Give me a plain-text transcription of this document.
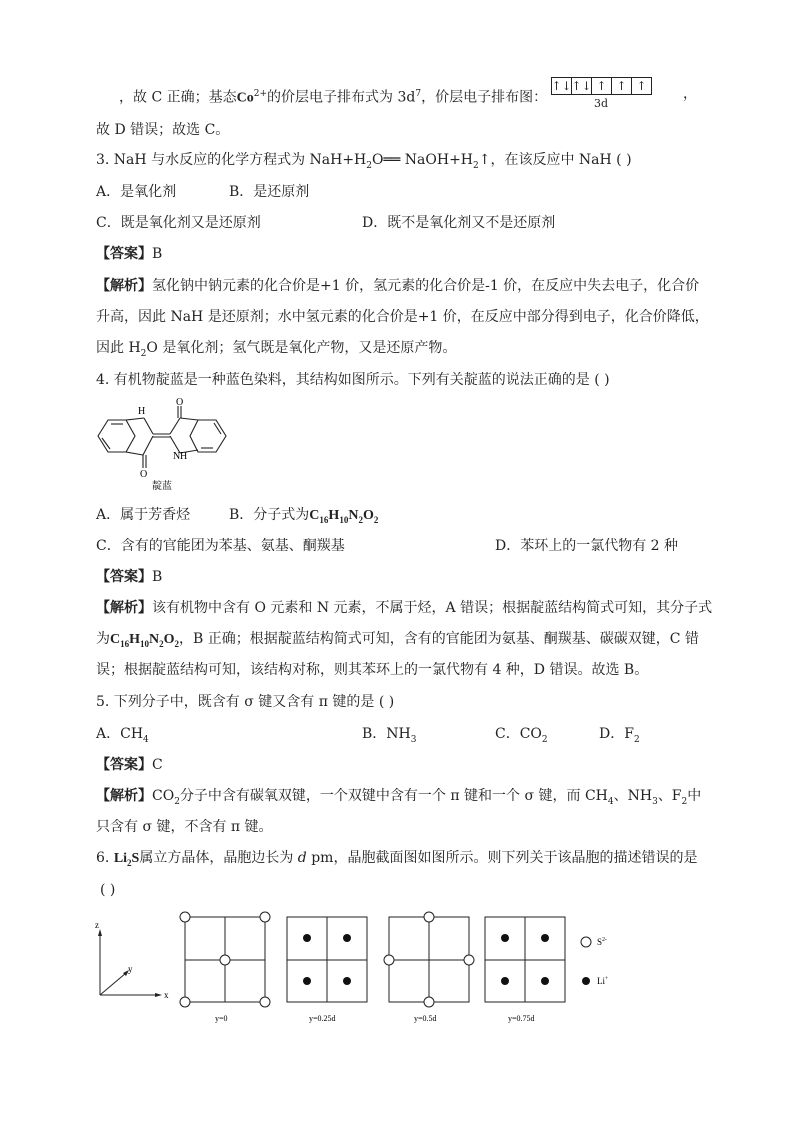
，故 C 正确；基态$Co^{2+}$的价层电子排布式为 $3d^7$，价层电子排布图：
↑↓ ↑↓ ↑ ↑ ↑
3d
，
故 D 错误；故选 C。
3. NaH 与水反应的化学方程式为 $NaH+H_2O══$ $NaOH+H_2↑$，在该反应中 NaH ( )
A．是氧化剂	B．是还原剂
C．既是氧化剂又是还原剂	D．既不是氧化剂又不是还原剂
【答案】B
【解析】氢化钠中钠元素的化合价是+1 价，氢元素的化合价是-1 价，在反应中失去电子，化合价
升高，因此 NaH 是还原剂；水中氢元素的化合价是+1 价，在反应中部分得到电子，化合价降低，
因此 $H_2O$ 是氧化剂；氢气既是氧化产物，又是还原产物。
4. 有机物靛蓝是一种蓝色染料，其结构如图所示。下列有关靛蓝的说法正确的是 ( )
H
O
O
N H
靛蓝
A．属于芳香烃	B．分子式为$C_{16}H_{10}N_2O_2$
C．含有的官能团为苯基、氨基、酮羰基	D．苯环上的一氯代物有 2 种
【答案】B
【解析】该有机物中含有 O 元素和 N 元素，不属于烃，A 错误；根据靛蓝结构简式可知，其分子式
为$C_{16}H_{10}N_2O_2$，B 正确；根据靛蓝结构简式可知，含有的官能团为氨基、酮羰基、碳碳双键，C 错
误；根据靛蓝结构可知，该结构对称，则其苯环上的一氯代物有 4 种，D 错误。故选 B。
5. 下列分子中，既含有 σ 键又含有 π 键的是 ( )
A．$CH_4$	B．$NH_3$	C．$CO_2$	D．$F_2$
【答案】C
【解析】$CO_2$分子中含有碳氧双键，一个双键中含有一个 π 键和一个 σ 键，而 $CH_4$、$NH_3$、$F_2$中
只含有 σ 键，不含有 π 键。
6. $Li_2S$属立方晶体，晶胞边长为 d pm，晶胞截面图如图所示。则下列关于该晶胞的描述错误的是
( )
z
x
y
y=0	y=0.25d	y=0.5d	y=0.75d
$S^{2-}$
Li+
